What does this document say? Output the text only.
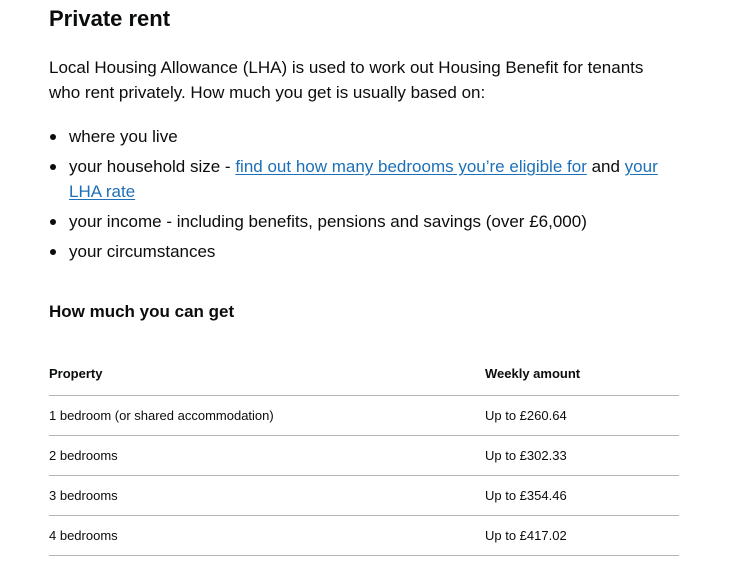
Private rent

Local Housing Allowance (LHA) is used to work out Housing Benefit for tenants who rent privately. How much you get is usually based on:

where you live
your household size - find out how many bedrooms you’re eligible for and your LHA rate
your income - including benefits, pensions and savings (over £6,000)
your circumstances
How much you can get
Property	Weekly amount
1 bedroom (or shared accommodation)	Up to £260.64
2 bedrooms	Up to £302.33
3 bedrooms	Up to £354.46
4 bedrooms	Up to £417.02
